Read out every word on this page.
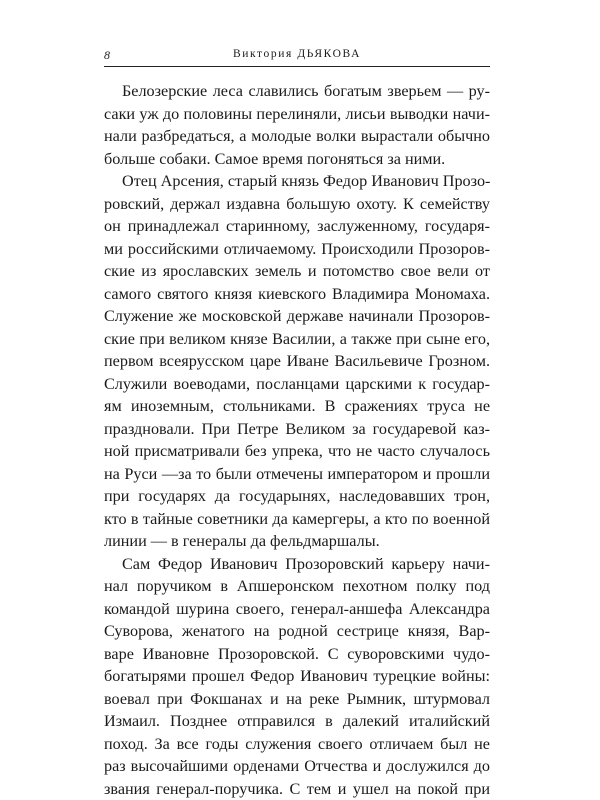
8	Виктория ДЬЯКОВА

Белозерские леса славились богатым зверьем — ру-
саки уж до половины перелиняли, лисьи выводки начи-
нали разбредаться, а молодые волки вырастали обычно
больше собаки. Самое время погоняться за ними.

Отец Арсения, старый князь Федор Иванович Прозо-
ровский, держал издавна большую охоту. К семейству
он принадлежал старинному, заслуженному, государя-
ми российскими отличаемому. Происходили Прозоров-
ские из ярославских земель и потомство свое вели от
самого святого князя киевского Владимира Мономаха.
Служение же московской державе начинали Прозоров-
ские при великом князе Василии, а также при сыне его,
первом всеярусском царе Иване Васильевиче Грозном.
Служили воеводами, посланцами царскими к государ-
ям иноземным, стольниками. В сражениях труса не
праздновали. При Петре Великом за государевой каз-
ной присматривали без упрека, что не часто случалось
на Руси —за то были отмечены императором и прошли
при государях да государынях, наследовавших трон,
кто в тайные советники да камергеры, а кто по военной
линии — в генералы да фельдмаршалы.

Сам Федор Иванович Прозоровский карьеру начи-
нал поручиком в Апшеронском пехотном полку под
командой шурина своего, генерал-аншефа Александра
Суворова, женатого на родной сестрице князя, Вар-
варе Ивановне Прозоровской. С суворовскими чудо-
богатырями прошел Федор Иванович турецкие войны:
воевал при Фокшанах и на реке Рымник, штурмовал
Измаил. Позднее отправился в далекий италийский
поход. За все годы служения своего отличаем был не
раз высочайшими орденами Отчества и дослужился до
звания генерал-поручика. С тем и ушел на покой при
